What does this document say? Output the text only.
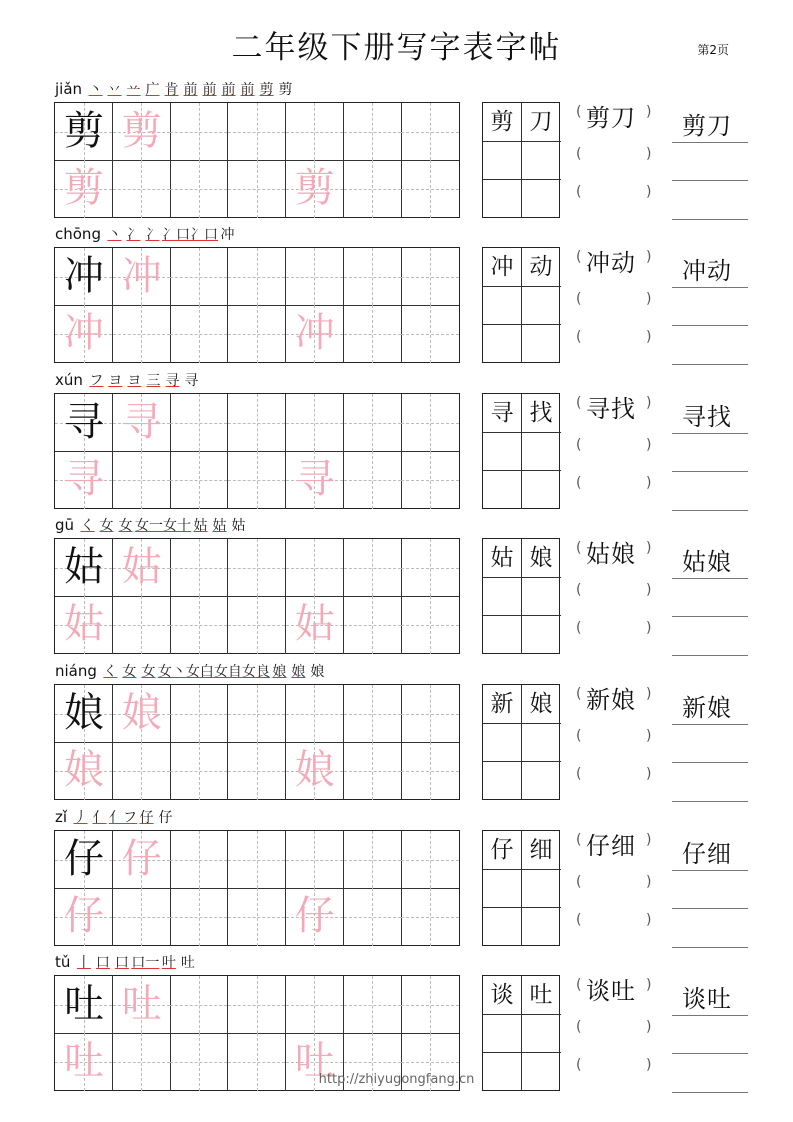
二年级下册写字表字帖	第2页
jiǎn 丶 丷 䒑 广 肯 前 前 前 前 剪 剪
剪 剪
剪	剪
剪 刀	(	)
剪刀
(	)
(	)
剪刀
chōng 丶 冫 冫 冫口冫口 冲
冲 冲
冲	冲
冲 动	(	)
冲动
(	)
(	)
冲动
xún フ ヨ ヨ 三 寻 寻
寻 寻
寻	寻
寻 找	(	)
寻找
(	)
(	)
寻找
gū く 女 女 女一女十 姑 姑 姑
姑 姑
姑	姑
姑 娘	(	)
姑娘
(	)
(	)
姑娘
niáng く 女 女 女丶女白女自女良 娘 娘 娘
娘 娘
娘	娘
新 娘	(	)
新娘
(	)
(	)
新娘
zǐ 丿 亻 亻フ 仔 仔
仔 仔
仔	仔
仔 细	(	)
仔细
(	)
(	)
仔细
tǔ 丨 口 口 口一 叶 吐
吐 吐
吐	吐
谈 吐	(	)
谈吐
(	)
(	)
谈吐
http://zhiyugongfang.cn
